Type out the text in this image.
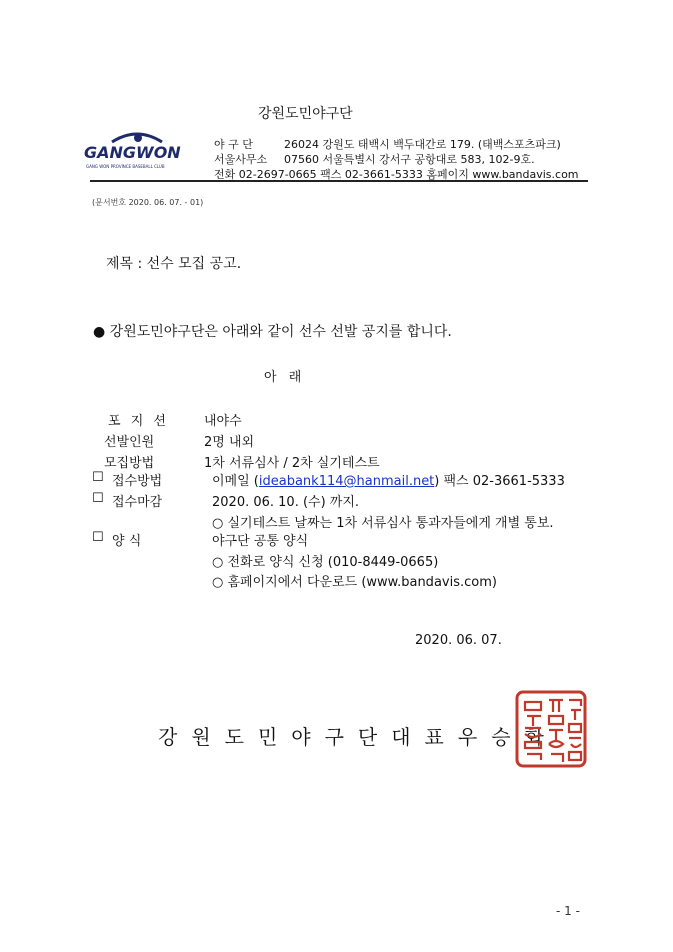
강원도민야구단
GANGWON
GANG WON PROVINCE BASEBALL CLUB
야 구 단	26024 강원도 태백시 백두대간로 179. (태백스포츠파크)
서울사무소 07560 서울특별시 강서구 공항대로 583, 102-9호.
전화 02-2697-0665 팩스 02-3661-5333 홈페이지 www.bandavis.com
(문서번호 2020. 06. 07. - 01)
제목 : 선수 모집 공고.
● 강원도민야구단은 아래와 같이 선수 선발 공지를 합니다.
아 래
포 지 션	내야수
선발인원	2명 내외
모집방법	1차 서류심사 / 2차 실기테스트
☐ 접수방법	이메일 (ideabank114@hanmail.net) 팩스 02-3661-5333
☐ 접수마감	2020. 06. 10. (수) 까지.
○ 실기테스트 날짜는 1차 서류심사 통과자들에게 개별 통보.
☐ 양 식	야구단 공통 양식
○ 전화로 양식 신청 (010-8449-0665)
○ 홈페이지에서 다운로드 (www.bandavis.com)
2020. 06. 07.
강원도민야구단대표우승화
- 1 -
